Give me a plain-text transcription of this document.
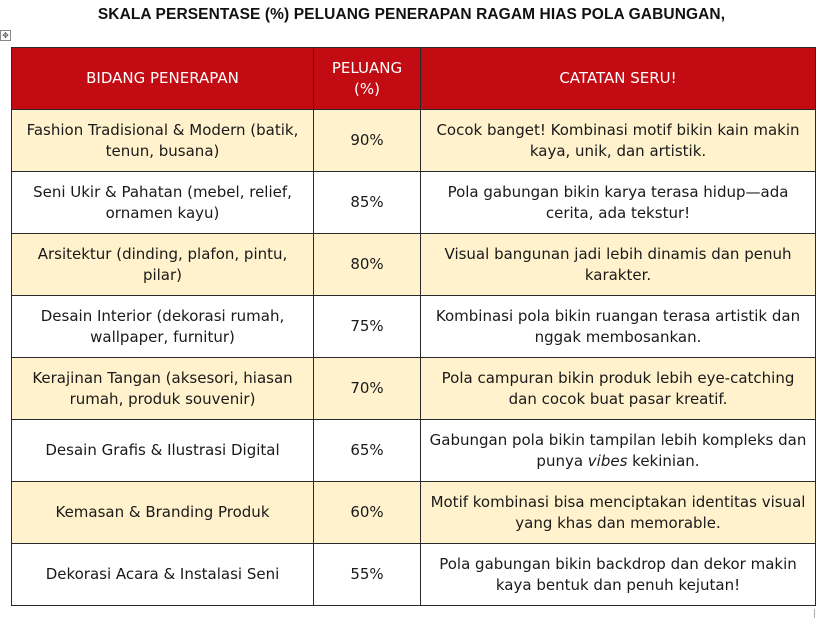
SKALA PERSENTASE (%) PELUANG PENERAPAN RAGAM HIAS POLA GABUNGAN,
✥
BIDANG PENERAPAN	PELUANG (%)	CATATAN SERU!
Fashion Tradisional & Modern (batik, tenun, busana)	90%	Cocok banget! Kombinasi motif bikin kain makin kaya, unik, dan artistik.
Seni Ukir & Pahatan (mebel, relief, ornamen kayu)	85%	Pola gabungan bikin karya terasa hidup—ada cerita, ada tekstur!
Arsitektur (dinding, plafon, pintu, pilar)	80%	Visual bangunan jadi lebih dinamis dan penuh karakter.
Desain Interior (dekorasi rumah, wallpaper, furnitur)	75%	Kombinasi pola bikin ruangan terasa artistik dan nggak membosankan.
Kerajinan Tangan (aksesori, hiasan rumah, produk souvenir)	70%	Pola campuran bikin produk lebih eye-catching dan cocok buat pasar kreatif.
Desain Grafis & Ilustrasi Digital	65%	Gabungan pola bikin tampilan lebih kompleks dan punya vibes kekinian.
Kemasan & Branding Produk	60%	Motif kombinasi bisa menciptakan identitas visual yang khas dan memorable.
Dekorasi Acara & Instalasi Seni	55%	Pola gabungan bikin backdrop dan dekor makin kaya bentuk dan penuh kejutan!
